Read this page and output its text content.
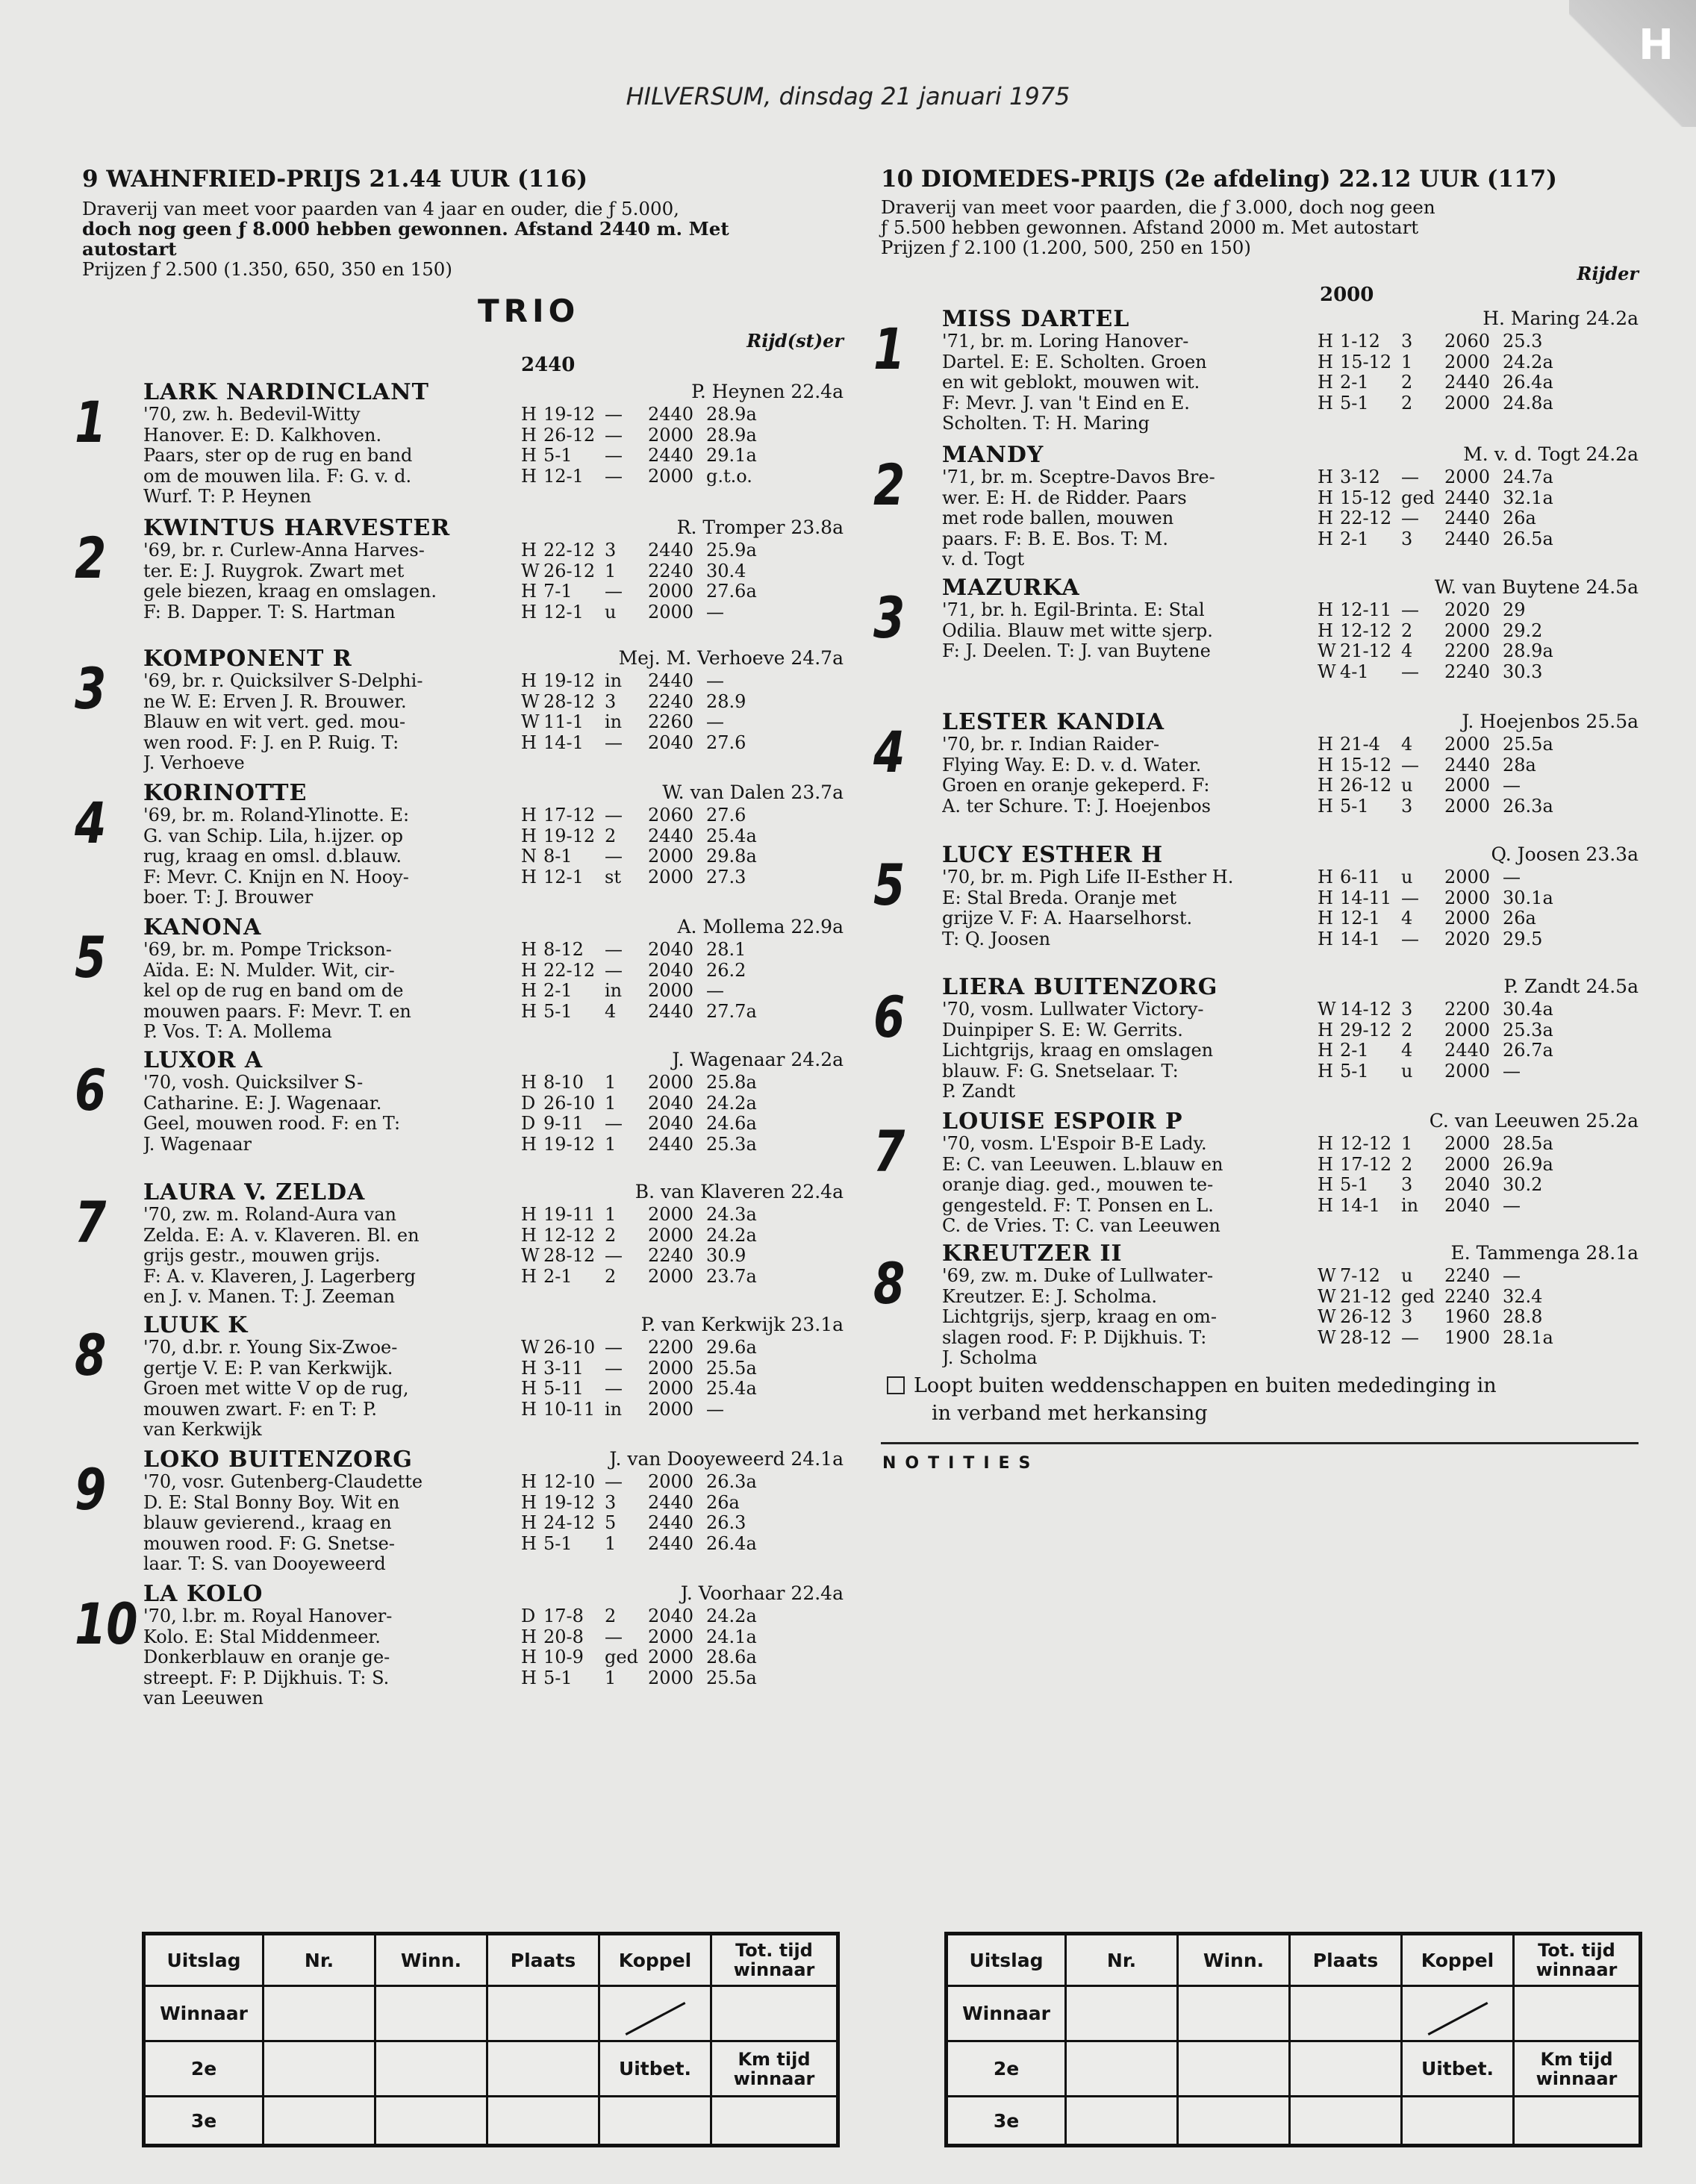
H
HILVERSUM, dinsdag 21 januari 1975
9 WAHNFRIED-PRIJS 21.44 UUR (116)
Draverij van meet voor paarden van 4 jaar en ouder, die ƒ 5.000,
doch nog geen ƒ 8.000 hebben gewonnen. Afstand 2440 m. Met
autostart
Prijzen ƒ 2.500 (1.350, 650, 350 en 150)
TRIO
Rijd(st)er
2440
1 LARK NARDINCLANT	P. Heynen 22.4a
'70, zw. h. Bedevil-Witty
Hanover. E: D. Kalkhoven.
Paars, ster op de rug en band
om de mouwen lila. F: G. v. d.
Wurf. T: P. Heynen
H 19-12 —	2440 28.9a
H 26-12 —	2000 28.9a
H 5-1	—	2440 29.1a
H 12-1	—	2000 g.t.o.
2 KWINTUS HARVESTER	R. Tromper 23.8a
'69, br. r. Curlew-Anna Harves-
ter. E: J. Ruygrok. Zwart met
gele biezen, kraag en omslagen.
F: B. Dapper. T: S. Hartman
H 22-12 3	2440 25.9a
W 26-12 1	2240 30.4
H 7-1	—	2000 27.6a
H 12-1	u	2000 —
3 KOMPONENT R	Mej. M. Verhoeve 24.7a
'69, br. r. Quicksilver S-Delphi-
ne W. E: Erven J. R. Brouwer.
Blauw en wit vert. ged. mou-
wen rood. F: J. en P. Ruig. T:
J. Verhoeve
H 19-12 in	2440 —
W 28-12 3	2240 28.9
W 11-1	in	2260 —
H 14-1	—	2040 27.6
4 KORINOTTE	W. van Dalen 23.7a
'69, br. m. Roland-Ylinotte. E:
G. van Schip. Lila, h.ijzer. op
rug, kraag en omsl. d.blauw.
F: Mevr. C. Knijn en N. Hooy-
boer. T: J. Brouwer
H 17-12 —	2060 27.6
H 19-12 2	2440 25.4a
N 8-1	—	2000 29.8a
H 12-1	st	2000 27.3
5 KANONA	A. Mollema 22.9a
'69, br. m. Pompe Trickson-
Aïda. E: N. Mulder. Wit, cir-
kel op de rug en band om de
mouwen paars. F: Mevr. T. en
P. Vos. T: A. Mollema
H 8-12	—	2040 28.1
H 22-12 —	2040 26.2
H 2-1	in	2000 —
H 5-1	4	2440 27.7a
6 LUXOR A	J. Wagenaar 24.2a
'70, vosh. Quicksilver S-
Catharine. E: J. Wagenaar.
Geel, mouwen rood. F: en T:
J. Wagenaar
H 8-10	1	2000 25.8a
D 26-10 1	2040 24.2a
D 9-11	—	2040 24.6a
H 19-12 1	2440 25.3a
7 LAURA V. ZELDA	B. van Klaveren 22.4a
'70, zw. m. Roland-Aura van
Zelda. E: A. v. Klaveren. Bl. en
grijs gestr., mouwen grijs.
F: A. v. Klaveren, J. Lagerberg
en J. v. Manen. T: J. Zeeman
H 19-11 1	2000 24.3a
H 12-12 2	2000 24.2a
W 28-12 —	2240 30.9
H 2-1	2	2000 23.7a
8 LUUK K	P. van Kerkwijk 23.1a
'70, d.br. r. Young Six-Zwoe-
gertje V. E: P. van Kerkwijk.
Groen met witte V op de rug,
mouwen zwart. F: en T: P.
van Kerkwijk
W 26-10 —	2200 29.6a
H 3-11	—	2000 25.5a
H 5-11	—	2000 25.4a
H 10-11 in	2000 —
9 LOKO BUITENZORG	J. van Dooyeweerd 24.1a
'70, vosr. Gutenberg-Claudette
D. E: Stal Bonny Boy. Wit en
blauw gevierend., kraag en
mouwen rood. F: G. Snetse-
laar. T: S. van Dooyeweerd
H 12-10 —	2000 26.3a
H 19-12 3	2440 26a
H 24-12 5	2440 26.3
H 5-1	1	2440 26.4a
10 LA KOLO	J. Voorhaar 22.4a
'70, l.br. m. Royal Hanover-
Kolo. E: Stal Middenmeer.
Donkerblauw en oranje ge-
streept. F: P. Dijkhuis. T: S.
van Leeuwen
D 17-8	2	2040 24.2a
H 20-8	—	2000 24.1a
H 10-9	ged 2000 28.6a
H 5-1	1	2000 25.5a
10 DIOMEDES-PRIJS (2e afdeling) 22.12 UUR (117)
Draverij van meet voor paarden, die ƒ 3.000, doch nog geen
ƒ 5.500 hebben gewonnen. Afstand 2000 m. Met autostart
Prijzen ƒ 2.100 (1.200, 500, 250 en 150)
Rijder
2000
1 MISS DARTEL	H. Maring 24.2a
'71, br. m. Loring Hanover-
Dartel. E: E. Scholten. Groen
en wit geblokt, mouwen wit.
F: Mevr. J. van 't Eind en E.
Scholten. T: H. Maring
H 1-12	3	2060 25.3
H 15-12 1	2000 24.2a
H 2-1	2	2440 26.4a
H 5-1	2	2000 24.8a
2 MANDY	M. v. d. Togt 24.2a
'71, br. m. Sceptre-Davos Bre-
wer. E: H. de Ridder. Paars
met rode ballen, mouwen
paars. F: B. E. Bos. T: M.
v. d. Togt
H 3-12	—	2000 24.7a
H 15-12 ged 2440 32.1a
H 22-12 —	2440 26a
H 2-1	3	2440 26.5a
3 MAZURKA	W. van Buytene 24.5a
'71, br. h. Egil-Brinta. E: Stal
Odilia. Blauw met witte sjerp.
F: J. Deelen. T: J. van Buytene
H 12-11 —	2020 29
H 12-12 2	2000 29.2
W 21-12 4	2200 28.9a
W 4-1	—	2240 30.3
4 LESTER KANDIA	J. Hoejenbos 25.5a
'70, br. r. Indian Raider-
Flying Way. E: D. v. d. Water.
Groen en oranje gekeperd. F:
A. ter Schure. T: J. Hoejenbos
H 21-4	4	2000 25.5a
H 15-12 —	2440 28a
H 26-12 u	2000 —
H 5-1	3	2000 26.3a
5 LUCY ESTHER H	Q. Joosen 23.3a
'70, br. m. Pigh Life II-Esther H.
E: Stal Breda. Oranje met
grijze V. F: A. Haarselhorst.
T: Q. Joosen
H 6-11	u	2000 —
H 14-11 —	2000 30.1a
H 12-1	4	2000 26a
H 14-1	—	2020 29.5
6 LIERA BUITENZORG	P. Zandt 24.5a
'70, vosm. Lullwater Victory-
Duinpiper S. E: W. Gerrits.
Lichtgrijs, kraag en omslagen
blauw. F: G. Snetselaar. T:
P. Zandt
W 14-12 3	2200 30.4a
H 29-12 2	2000 25.3a
H 2-1	4	2440 26.7a
H 5-1	u	2000 —
7 LOUISE ESPOIR P	C. van Leeuwen 25.2a
'70, vosm. L'Espoir B-E Lady.
E: C. van Leeuwen. L.blauw en
oranje diag. ged., mouwen te-
gengesteld. F: T. Ponsen en L.
C. de Vries. T: C. van Leeuwen
H 12-12 1	2000 28.5a
H 17-12 2	2000 26.9a
H 5-1	3	2040 30.2
H 14-1	in	2040 —
8 KREUTZER II	E. Tammenga 28.1a
'69, zw. m. Duke of Lullwater-
Kreutzer. E: J. Scholma.
Lichtgrijs, sjerp, kraag en om-
slagen rood. F: P. Dijkhuis. T:
J. Scholma
W 7-12	u	2240 —
W 21-12 ged 2240 32.4
W 26-12 3	1960 28.8
W 28-12 —	1900 28.1a
Loopt buiten weddenschappen en buiten mededinging in
in verband met herkansing
NOTITIES
Uitslag	Nr.	Winn.	Plaats	Koppel	Tot. tijd winnaar
Winnaar					
2e				Uitbet.	Km tijd winnaar
3e					
Uitslag	Nr.	Winn.	Plaats	Koppel	Tot. tijd winnaar
Winnaar					
2e				Uitbet.	Km tijd winnaar
3e					
